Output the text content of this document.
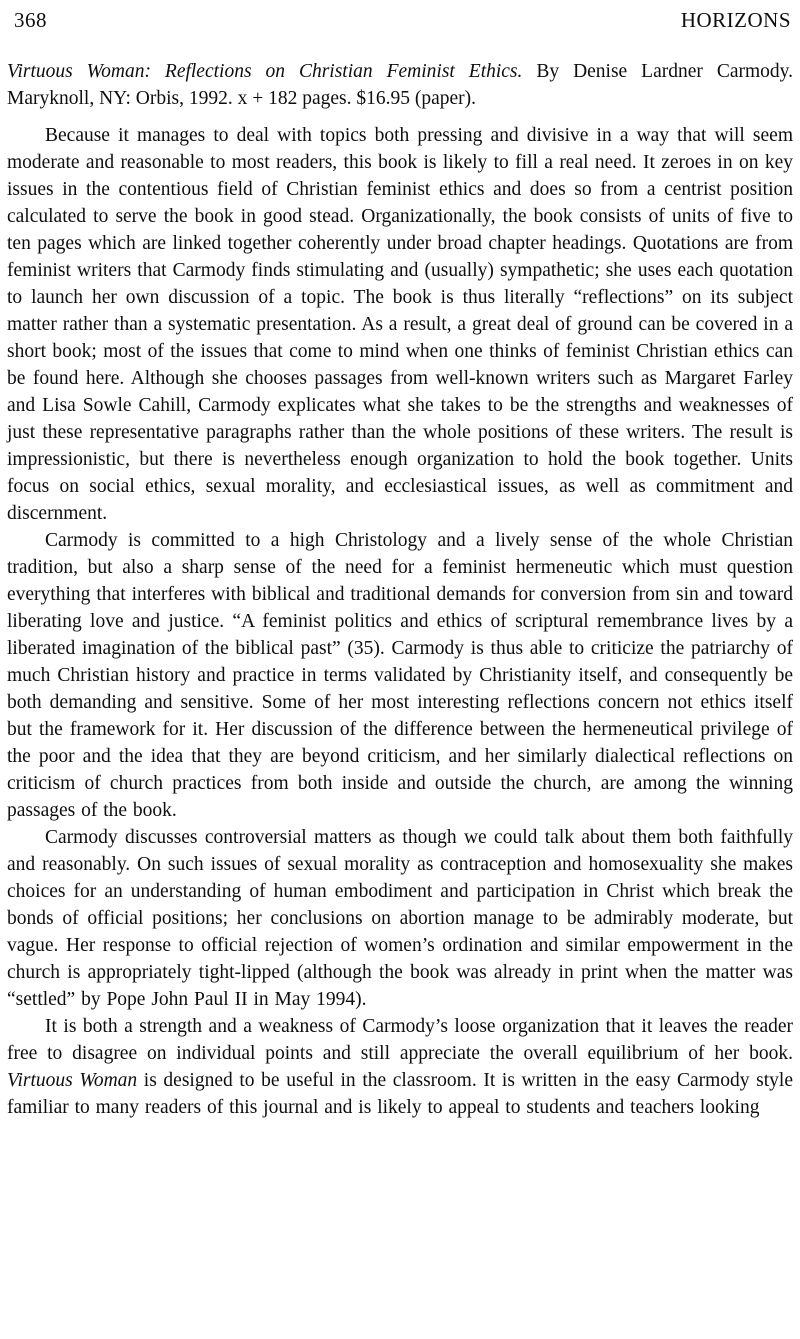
368	HORIZONS
Virtuous Woman: Reflections on Christian Feminist Ethics. By Denise Lardner Carmody. Maryknoll, NY: Orbis, 1992. x + 182 pages. $16.95 (paper).

Because it manages to deal with topics both pressing and divisive in a way that will seem moderate and reasonable to most readers, this book is likely to fill a real need. It zeroes in on key issues in the contentious field of Christian feminist ethics and does so from a centrist position calculated to serve the book in good stead. Organizationally, the book consists of units of five to ten pages which are linked together coherently under broad chapter headings. Quotations are from feminist writers that Carmody finds stimulating and (usually) sympathetic; she uses each quotation to launch her own discussion of a topic. The book is thus literally “reflections” on its subject matter rather than a systematic presentation. As a result, a great deal of ground can be covered in a short book; most of the issues that come to mind when one thinks of feminist Christian ethics can be found here. Although she chooses passages from well-known writers such as Margaret Farley and Lisa Sowle Cahill, Carmody explicates what she takes to be the strengths and weaknesses of just these representative paragraphs rather than the whole positions of these writers. The result is impressionistic, but there is nevertheless enough organization to hold the book together. Units focus on social ethics, sexual morality, and ecclesiastical issues, as well as commitment and discernment.

Carmody is committed to a high Christology and a lively sense of the whole Christian tradition, but also a sharp sense of the need for a feminist hermeneutic which must question everything that interferes with biblical and traditional demands for conversion from sin and toward liberating love and justice. “A feminist politics and ethics of scriptural remembrance lives by a liberated imagination of the biblical past” (35). Carmody is thus able to criticize the patriarchy of much Christian history and practice in terms validated by Christianity itself, and consequently be both demanding and sensitive. Some of her most interesting reflections concern not ethics itself but the framework for it. Her discussion of the difference between the hermeneutical privilege of the poor and the idea that they are beyond criticism, and her similarly dialectical reflections on criticism of church practices from both inside and outside the church, are among the winning passages of the book.

Carmody discusses controversial matters as though we could talk about them both faithfully and reasonably. On such issues of sexual morality as contraception and homosexuality she makes choices for an understanding of human embodiment and participation in Christ which break the bonds of official positions; her conclusions on abortion manage to be admirably moderate, but vague. Her response to official rejection of women’s ordination and similar empowerment in the church is appropriately tight-lipped (although the book was already in print when the matter was “settled” by Pope John Paul II in May 1994).

It is both a strength and a weakness of Carmody’s loose organization that it leaves the reader free to disagree on individual points and still appreciate the overall equilibrium of her book. Virtuous Woman is designed to be useful in the classroom. It is written in the easy Carmody style familiar to many readers of this journal and is likely to appeal to students and teachers looking
